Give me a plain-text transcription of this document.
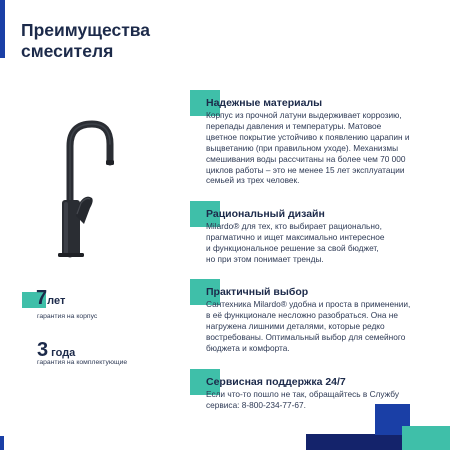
Преимущества
смесителя
7лет
гарантия на корпус
3 года
гарантия на комплектующие
Надежные материалы
Корпус из прочной латуни выдерживает коррозию,
перепады давления и температуры. Матовое
цветное покрытие устойчиво к появлению царапин и
выцветанию (при правильном уходе). Механизмы
смешивания воды рассчитаны на более чем 70 000
циклов работы – это не менее 15 лет эксплуатации
семьей из трех человек.
Рациональный дизайн
Milardo® для тех, кто выбирает рационально,
прагматично и ищет максимально интересное
и функциональное решение за свой бюджет,
но при этом понимает тренды.
Практичный выбор
Сантехника Milardo® удобна и проста в применении,
в её функционале несложно разобраться. Она не
нагружена лишними деталями, которые редко
востребованы. Оптимальный выбор для семейного
бюджета и комфорта.
Сервисная поддержка 24/7
Если что-то пошло не так, обращайтесь в Службу
сервиса: 8-800-234-77-67.
